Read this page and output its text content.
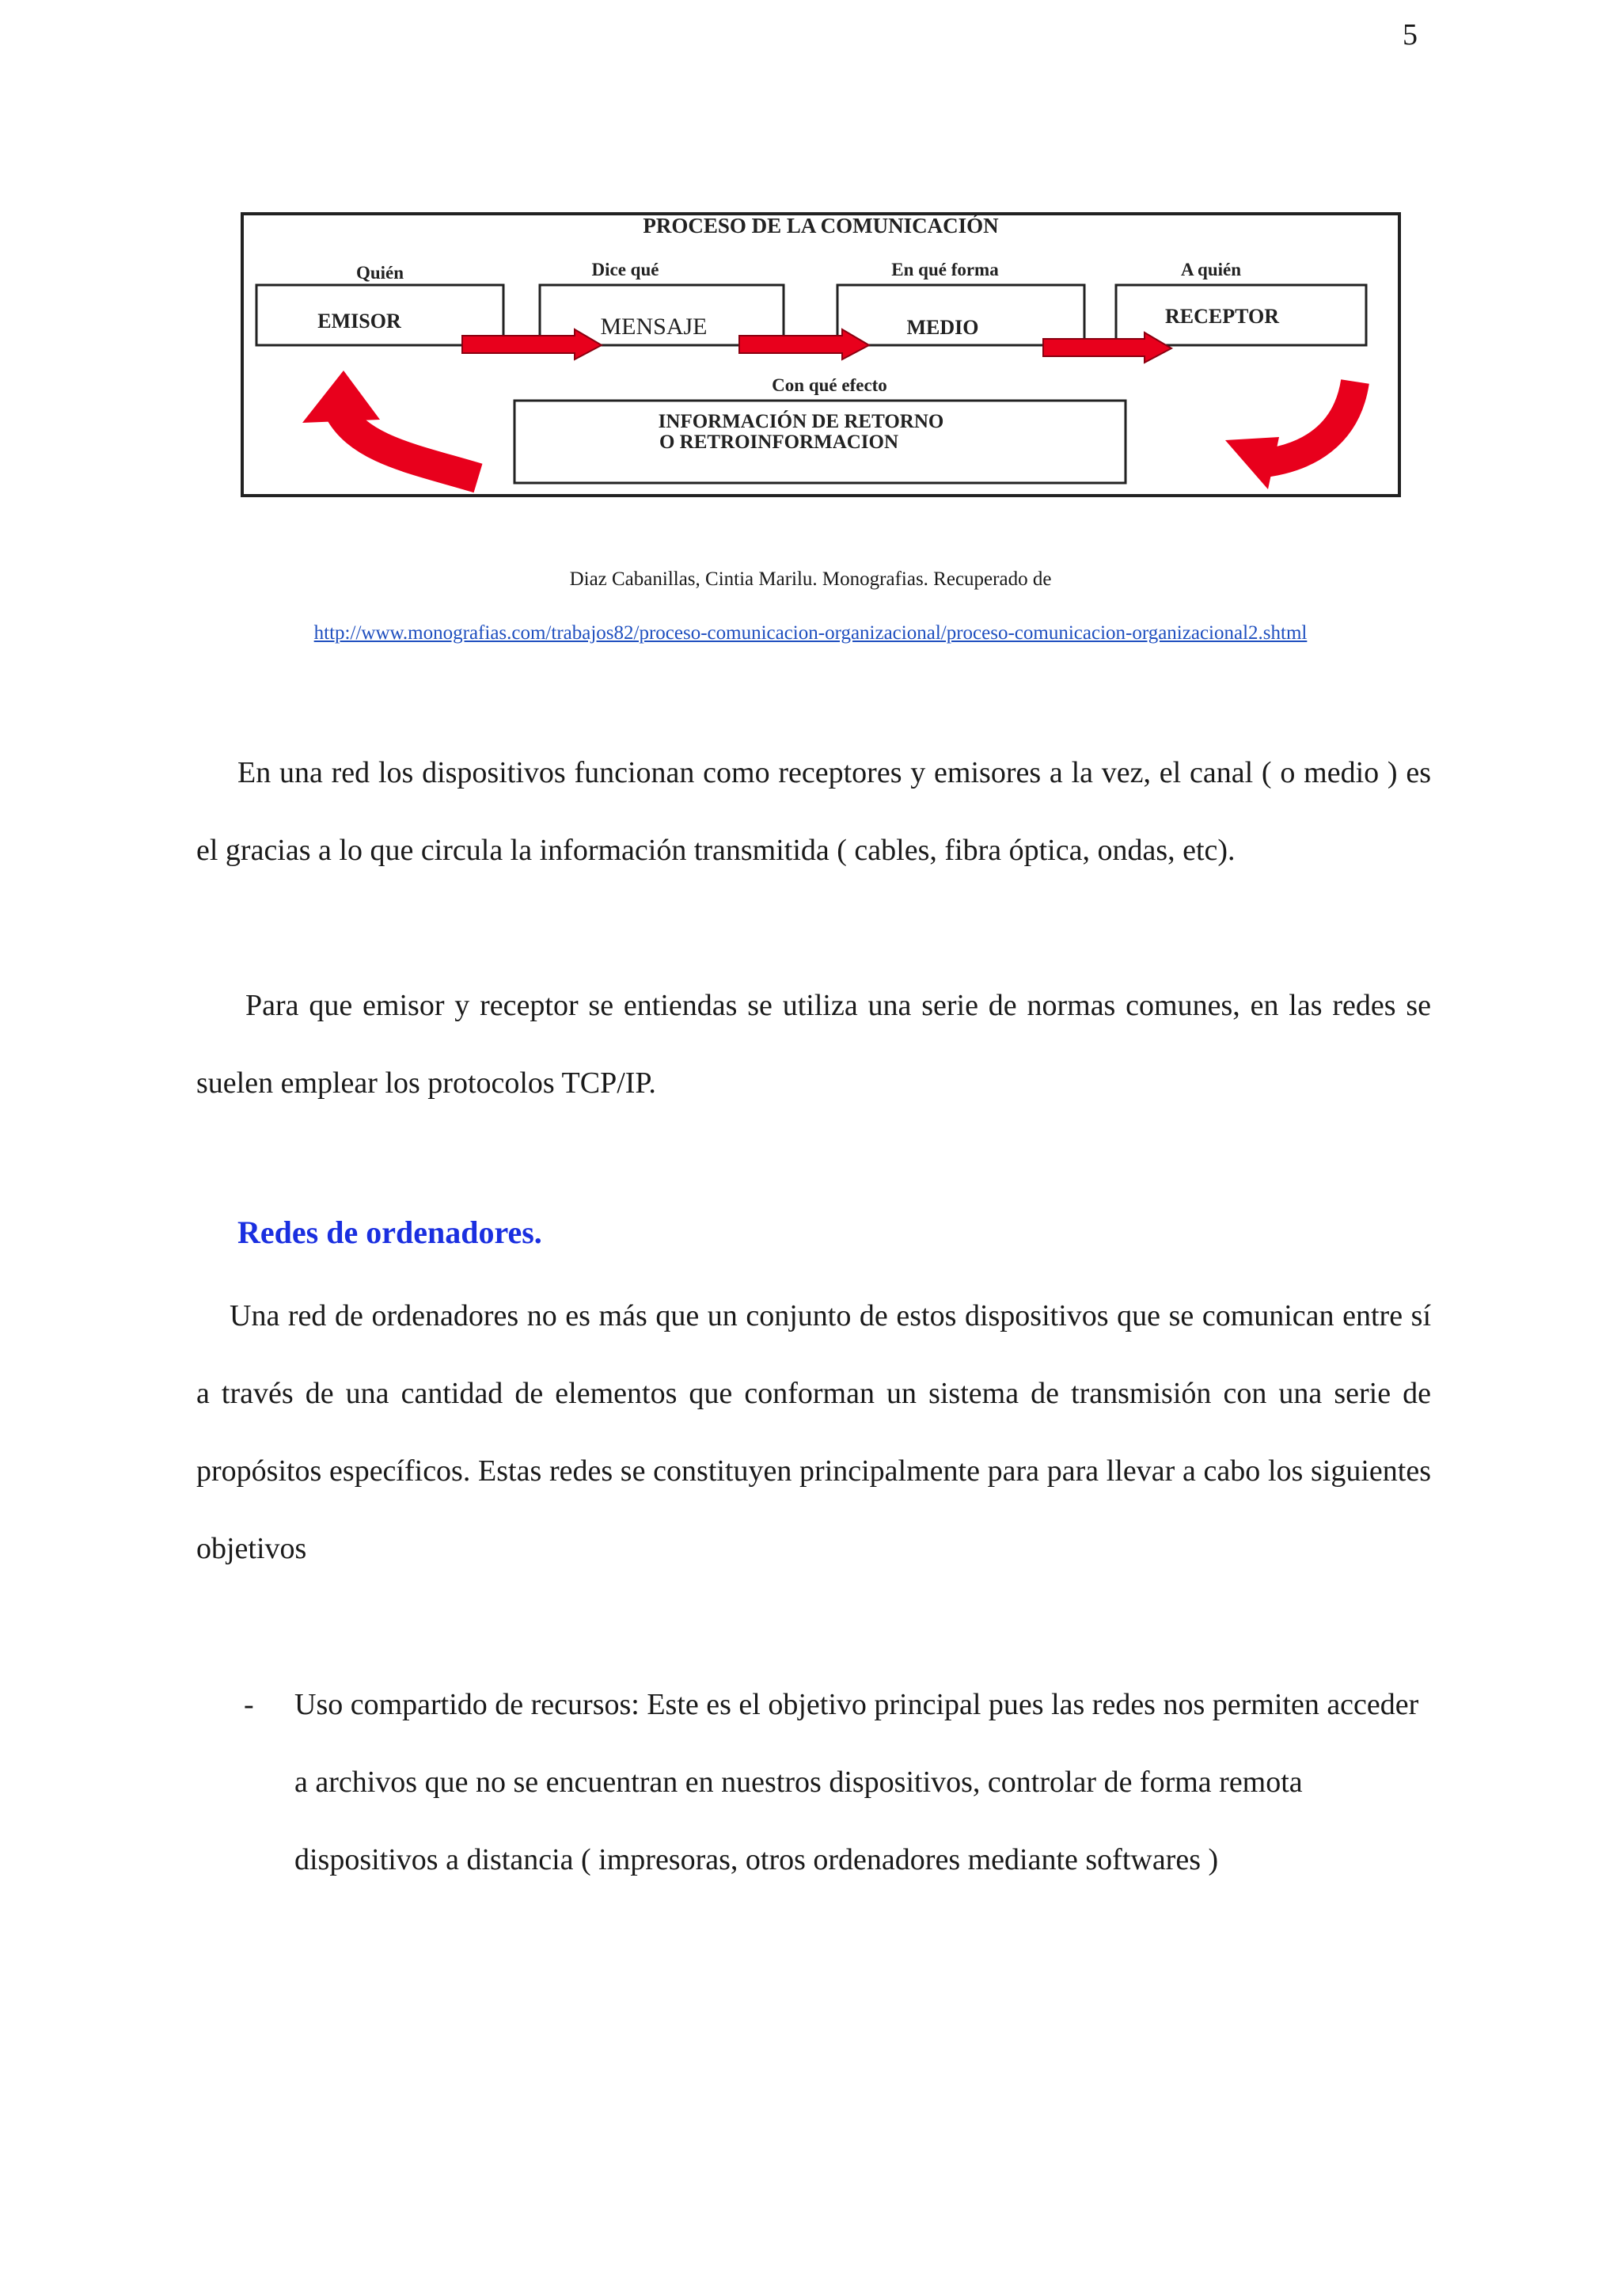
5
PROCESO DE LA COMUNICACIÓN
Quién	Dice qué	En qué forma	A quién
EMISOR	MENSAJE	MEDIO	RECEPTOR
Con qué efecto
INFORMACIÓN DE RETORNO
O RETROINFORMACION
Diaz Cabanillas, Cintia Marilu. Monografias. Recuperado de
http://www.monografias.com/trabajos82/proceso-comunicacion-organizacional/proceso-comunicacion-organizacional2.shtml

En una red los dispositivos funcionan como receptores y emisores a la vez, el canal ( o medio ) es el gracias a lo que circula la información transmitida ( cables, fibra óptica, ondas, etc).

Para que emisor y receptor se entiendas se utiliza una serie de normas comunes, en las redes se suelen emplear los protocolos TCP/IP.

Redes de ordenadores.

Una red de ordenadores no es más que un conjunto de estos dispositivos que se comunican entre sí a través de una cantidad de elementos que conforman un sistema de transmisión con una serie de propósitos específicos. Estas redes se constituyen principalmente para para llevar a cabo los siguientes objetivos

- Uso compartido de recursos: Este es el objetivo principal pues las redes nos permiten acceder a archivos que no se encuentran en nuestros dispositivos, controlar de forma remota dispositivos a distancia ( impresoras, otros ordenadores mediante softwares )
